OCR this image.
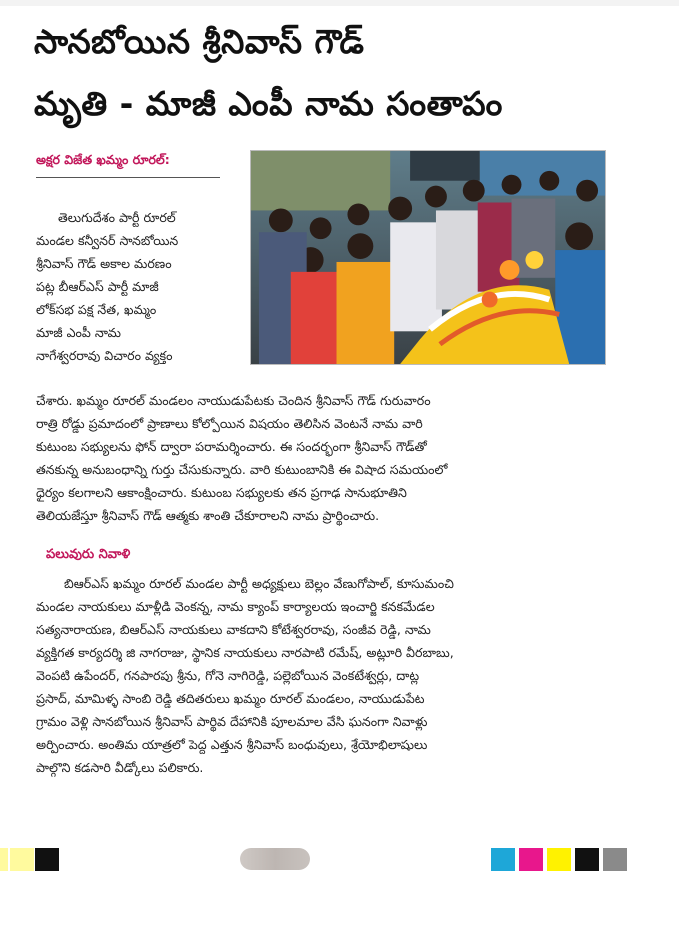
సానబోయిన శ్రీనివాస్ గౌడ్
మృతి - మాజీ ఎంపీ నామ సంతాపం
అక్షర విజేత ఖమ్మం రూరల్:
తెలుగుదేశం పార్టీ రూరల్
మండల కన్వీనర్ సానబోయిన
శ్రీనివాస్ గౌడ్ అకాల మరణం
పట్ల బీఆర్ఎస్ పార్టీ మాజీ
లోక్‌సభ పక్ష నేత, ఖమ్మం
మాజీ ఎంపీ నామ
నాగేశ్వరరావు విచారం వ్యక్తం
చేశారు. ఖమ్మం రూరల్ మండలం నాయుడుపేటకు చెందిన శ్రీనివాస్ గౌడ్ గురువారం
రాత్రి రోడ్డు ప్రమాదంలో ప్రాణాలు కోల్పోయిన విషయం తెలిసిన వెంటనే నామ వారి
కుటుంబ సభ్యులను ఫోన్ ద్వారా పరామర్శించారు. ఈ సందర్భంగా శ్రీనివాస్ గౌడ్‌తో
తనకున్న అనుబంధాన్ని గుర్తు చేసుకున్నారు. వారి కుటుంబానికి ఈ విషాద సమయంలో
ధైర్యం కలగాలని ఆకాంక్షించారు. కుటుంబ సభ్యులకు తన ప్రగాఢ సానుభూతిని
తెలియజేస్తూ శ్రీనివాస్ గౌడ్ ఆత్మకు శాంతి చేకూరాలని నామ ప్రార్థించారు.
పలువురు నివాళి
బిఆర్ఎస్ ఖమ్మం రూరల్ మండల పార్టీ అధ్యక్షులు బెల్లం వేణుగోపాల్, కూసుమంచి
మండల నాయకులు మాళ్లీడి వెంకన్న, నామ క్యాంప్ కార్యాలయ ఇంచార్జి కనకమేడల
సత్యనారాయణ, బిఆర్ఎస్ నాయకులు వాకదాని కోటేశ్వరరావు, సంజీవ రెడ్డి, నామ
వ్యక్తిగత కార్యదర్శి జి నాగరాజు, స్థానిక నాయకులు నారపాటి రమేష్, అట్లూరి వీరబాబు,
వెంపటి ఉపేందర్, గనపారపు శ్రీను, గోనె నాగిరెడ్డి, పల్లెబోయిన వెంకటేశ్వర్లు, దాట్ల
ప్రసాద్, మామిళ్ళ సాంబి రెడ్డి తదితరులు ఖమ్మం రూరల్ మండలం, నాయుడుపేట
గ్రామం వెళ్లి సానబోయిన శ్రీనివాస్ పార్థివ దేహానికి పూలమాల వేసి ఘనంగా నివాళ్లు
అర్పించారు. అంతిమ యాత్రలో పెద్ద ఎత్తున శ్రీనివాస్ బంధువులు, శ్రేయోభిలాషులు
పాల్గొని కడసారి వీడ్కోలు పలికారు.
